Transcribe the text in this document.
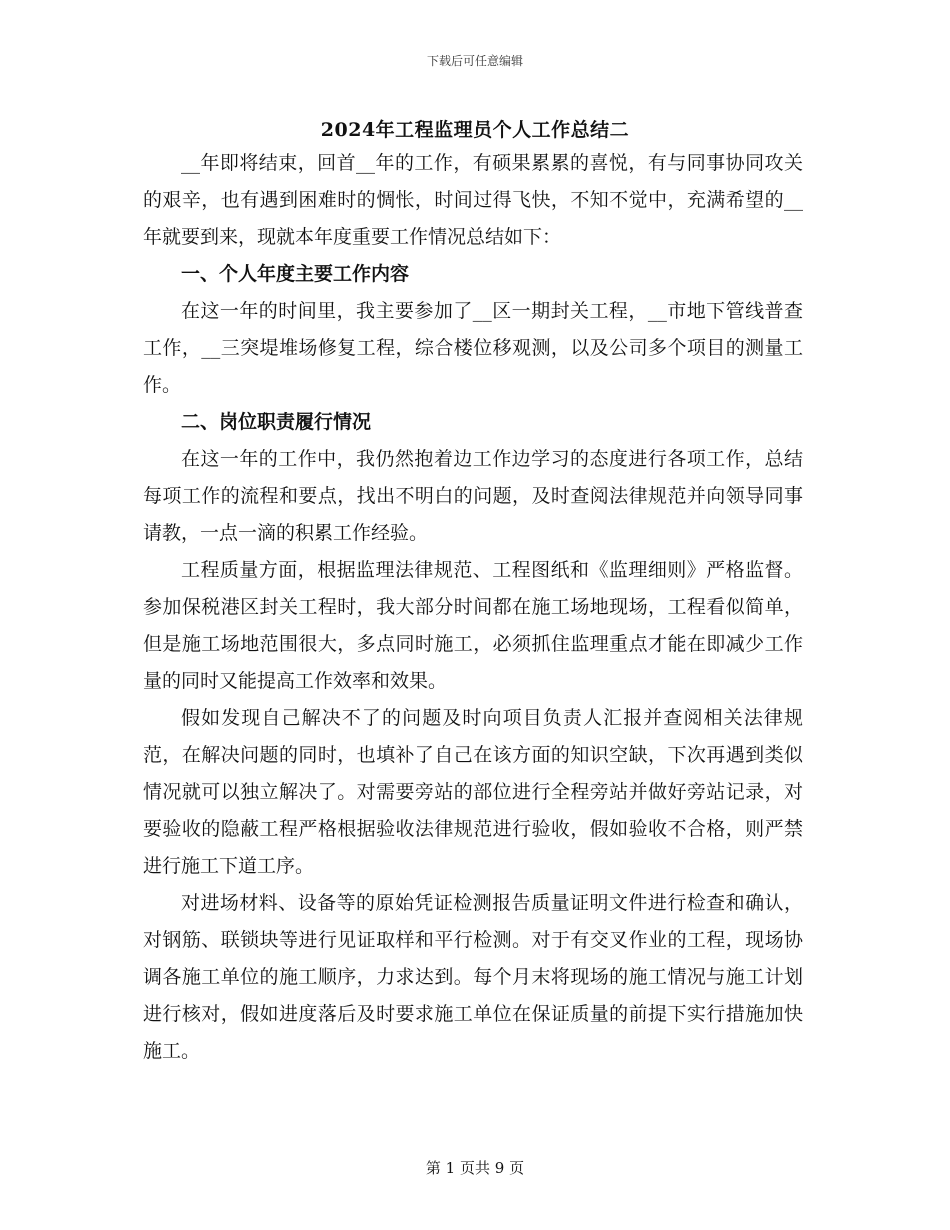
下载后可任意编辑
2024年工程监理员个人工作总结二

__年即将结束，回首__年的工作，有硕果累累的喜悦，有与同事协同攻关的艰辛，也有遇到困难时的惆怅，时间过得飞快，不知不觉中，充满希望的__年就要到来，现就本年度重要工作情况总结如下：

一、个人年度主要工作内容

在这一年的时间里，我主要参加了__区一期封关工程，__市地下管线普查工作，__三突堤堆场修复工程，综合楼位移观测，以及公司多个项目的测量工作。

二、岗位职责履行情况

在这一年的工作中，我仍然抱着边工作边学习的态度进行各项工作，总结每项工作的流程和要点，找出不明白的问题，及时查阅法律规范并向领导同事请教，一点一滴的积累工作经验。

工程质量方面，根据监理法律规范、工程图纸和《监理细则》严格监督。参加保税港区封关工程时，我大部分时间都在施工场地现场，工程看似简单，但是施工场地范围很大，多点同时施工，必须抓住监理重点才能在即减少工作量的同时又能提高工作效率和效果。

假如发现自己解决不了的问题及时向项目负责人汇报并查阅相关法律规范，在解决问题的同时，也填补了自己在该方面的知识空缺，下次再遇到类似情况就可以独立解决了。对需要旁站的部位进行全程旁站并做好旁站记录，对要验收的隐蔽工程严格根据验收法律规范进行验收，假如验收不合格，则严禁进行施工下道工序。

对进场材料、设备等的原始凭证检测报告质量证明文件进行检查和确认，对钢筋、联锁块等进行见证取样和平行检测。对于有交叉作业的工程，现场协调各施工单位的施工顺序，力求达到。每个月末将现场的施工情况与施工计划进行核对，假如进度落后及时要求施工单位在保证质量的前提下实行措施加快施工。

第 1 页共 9 页
